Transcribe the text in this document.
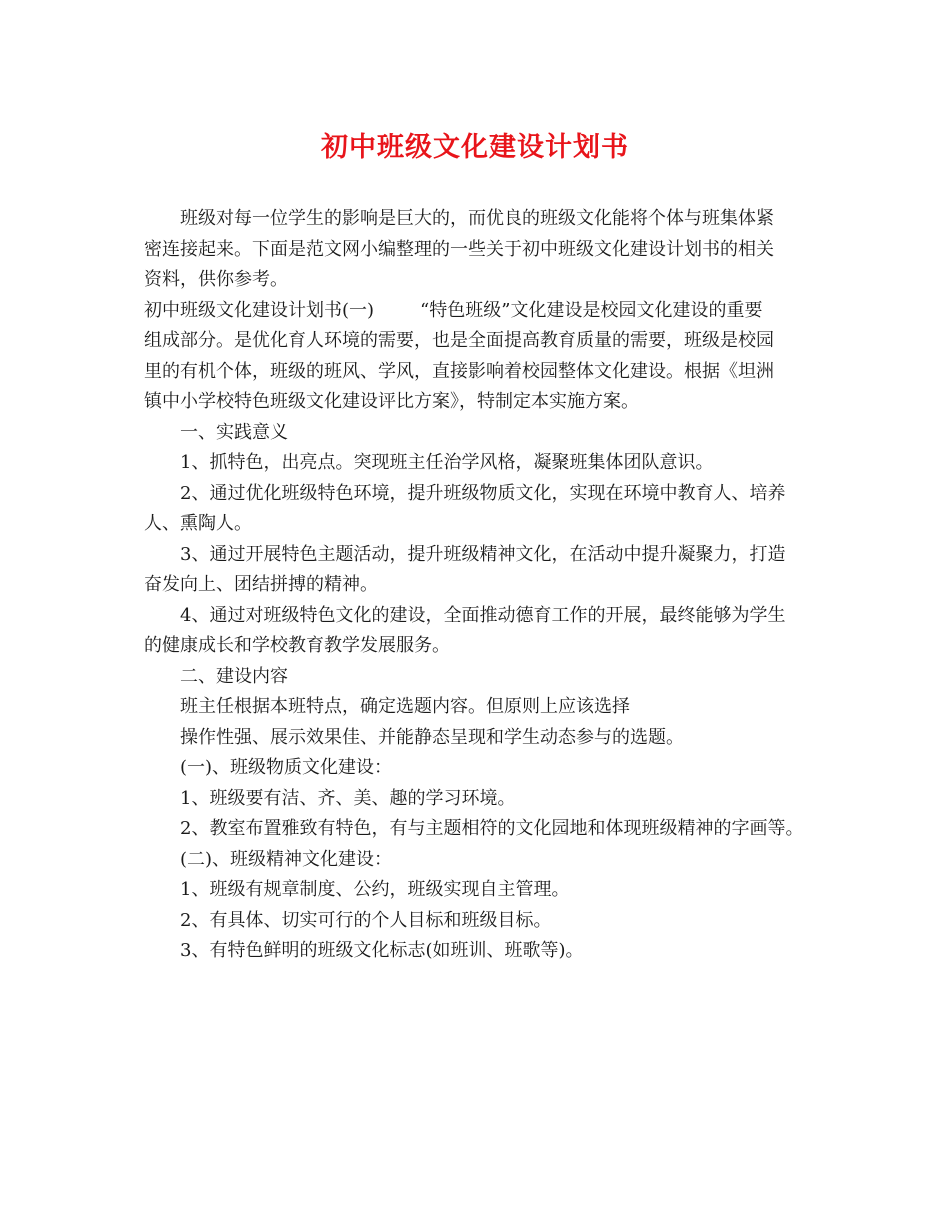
初中班级文化建设计划书
班级对每一位学生的影响是巨大的，而优良的班级文化能将个体与班集体紧
密连接起来。下面是范文网小编整理的一些关于初中班级文化建设计划书的相关
资料，供你参考。
初中班级文化建设计划书(一)	“特色班级”文化建设是校园文化建设的重要
组成部分。是优化育人环境的需要，也是全面提高教育质量的需要，班级是校园
里的有机个体，班级的班风、学风，直接影响着校园整体文化建设。根据《坦洲
镇中小学校特色班级文化建设评比方案》，特制定本实施方案。
一、实践意义
1、抓特色，出亮点。突现班主任治学风格，凝聚班集体团队意识。
2、通过优化班级特色环境，提升班级物质文化，实现在环境中教育人、培养
人、熏陶人。
3、通过开展特色主题活动，提升班级精神文化，在活动中提升凝聚力，打造
奋发向上、团结拼搏的精神。
4、通过对班级特色文化的建设，全面推动德育工作的开展，最终能够为学生
的健康成长和学校教育教学发展服务。
二、建设内容
班主任根据本班特点，确定选题内容。但原则上应该选择
操作性强、展示效果佳、并能静态呈现和学生动态参与的选题。
(一)、班级物质文化建设：
1、班级要有洁、齐、美、趣的学习环境。
2、教室布置雅致有特色，有与主题相符的文化园地和体现班级精神的字画等。
(二)、班级精神文化建设：
1、班级有规章制度、公约，班级实现自主管理。
2、有具体、切实可行的个人目标和班级目标。
3、有特色鲜明的班级文化标志(如班训、班歌等)。
